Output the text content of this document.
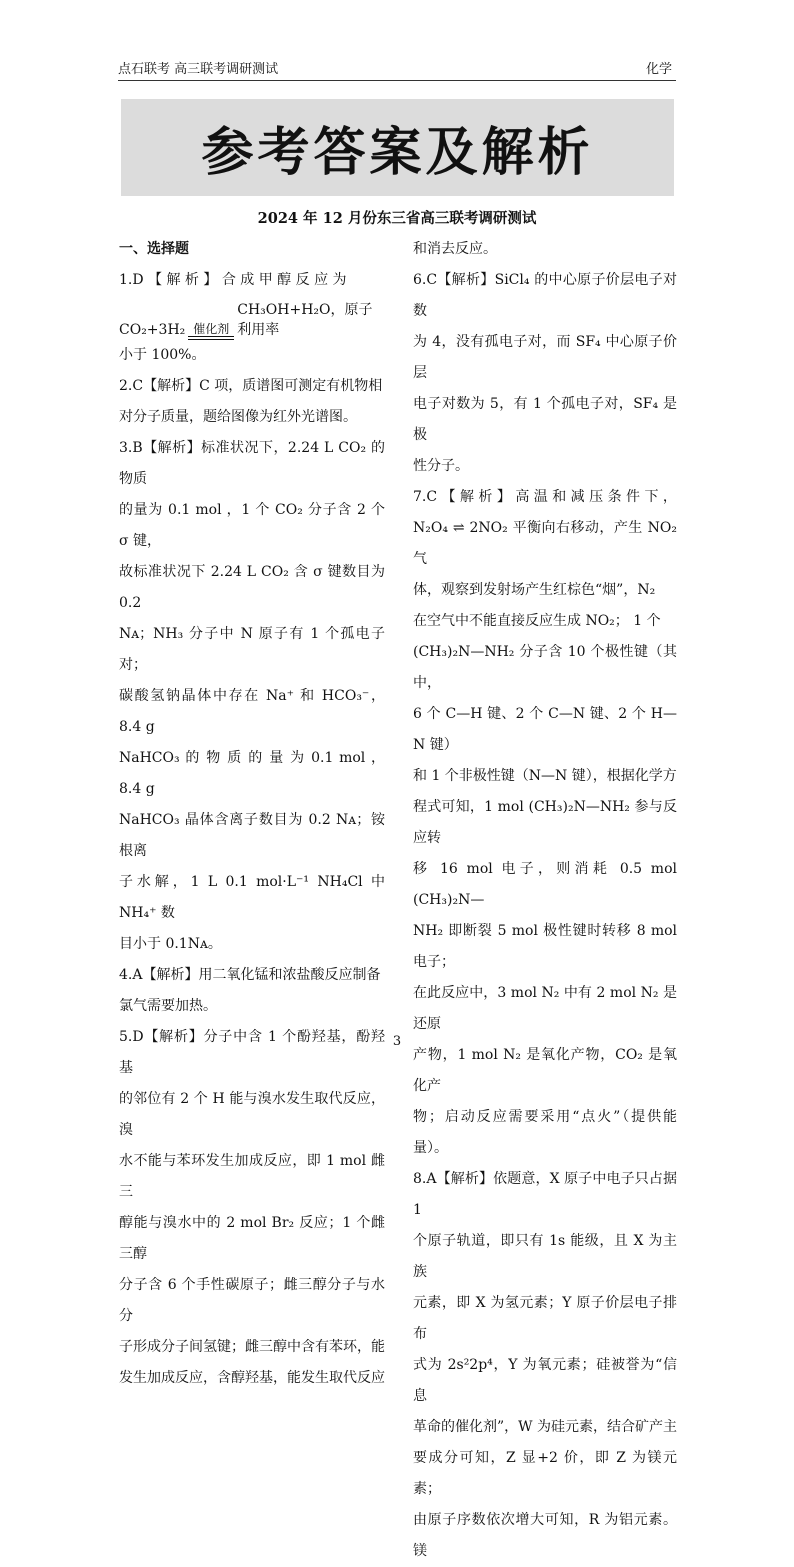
点石联考 高三联考调研测试	化学
参考答案及解析
2024 年 12 月份东三省高三联考调研测试

一、选择题

1.D 【 解 析 】 合 成 甲 醇 反 应 为

CO₂+3H₂ 催化剂
CH₃OH+H₂O，原子利用率

小于 100%。

2.C【解析】C 项，质谱图可测定有机物相

对分子质量，题给图像为红外光谱图。

3.B【解析】标准状况下，2.24 L CO₂ 的物质

的量为 0.1 mol ，1 个 CO₂ 分子含 2 个 σ 键，

故标准状况下 2.24 L CO₂ 含 σ 键数目为 0.2

Nᴀ；NH₃ 分子中 N 原子有 1 个孤电子对；

碳酸氢钠晶体中存在 Na⁺ 和 HCO₃⁻， 8.4 g

NaHCO₃ 的 物 质 的 量 为 0.1 mol ， 8.4 g

NaHCO₃ 晶体含离子数目为 0.2 Nᴀ；铵根离

子水解，1 L 0.1 mol·L⁻¹ NH₄Cl 中 NH₄⁺ 数

目小于 0.1Nᴀ。

4.A【解析】用二氧化锰和浓盐酸反应制备

氯气需要加热。

5.D【解析】分子中含 1 个酚羟基，酚羟基

的邻位有 2 个 H 能与溴水发生取代反应，溴

水不能与苯环发生加成反应，即 1 mol 雌三

醇能与溴水中的 2 mol Br₂ 反应；1 个雌三醇

分子含 6 个手性碳原子；雌三醇分子与水分

子形成分子间氢键；雌三醇中含有苯环，能

发生加成反应，含醇羟基，能发生取代反应

和消去反应。

6.C【解析】SiCl₄ 的中心原子价层电子对数

为 4，没有孤电子对，而 SF₄ 中心原子价层

电子对数为 5，有 1 个孤电子对，SF₄ 是极

性分子。

7.C 【 解 析 】 高 温 和 减 压 条 件 下 ，

N₂O₄ ⇌ 2NO₂ 平衡向右移动，产生 NO₂ 气

体，观察到发射场产生红棕色“烟”，N₂

在空气中不能直接反应生成 NO₂； 1 个

(CH₃)₂N—NH₂ 分子含 10 个极性键（其中，

6 个 C—H 键、2 个 C—N 键、2 个 H—N 键）

和 1 个非极性键（N—N 键），根据化学方

程式可知，1 mol (CH₃)₂N—NH₂ 参与反应转

移 16 mol 电子，则消耗 0.5 mol (CH₃)₂N—

NH₂ 即断裂 5 mol 极性键时转移 8 mol 电子；

在此反应中，3 mol N₂ 中有 2 mol N₂ 是还原

产物，1 mol N₂ 是氧化产物，CO₂ 是氧化产

物；启动反应需要采用“点火”（提供能量）。

8.A【解析】依题意，X 原子中电子只占据 1

个原子轨道，即只有 1s 能级，且 X 为主族

元素，即 X 为氢元素；Y 原子价层电子排布

式为 2s²2p⁴，Y 为氧元素；硅被誉为“信息

革命的催化剂”，W 为硅元素，结合矿产主

要成分可知，Z 显+2 价，即 Z 为镁元素；

由原子序数依次增大可知，R 为铝元素。镁

3
